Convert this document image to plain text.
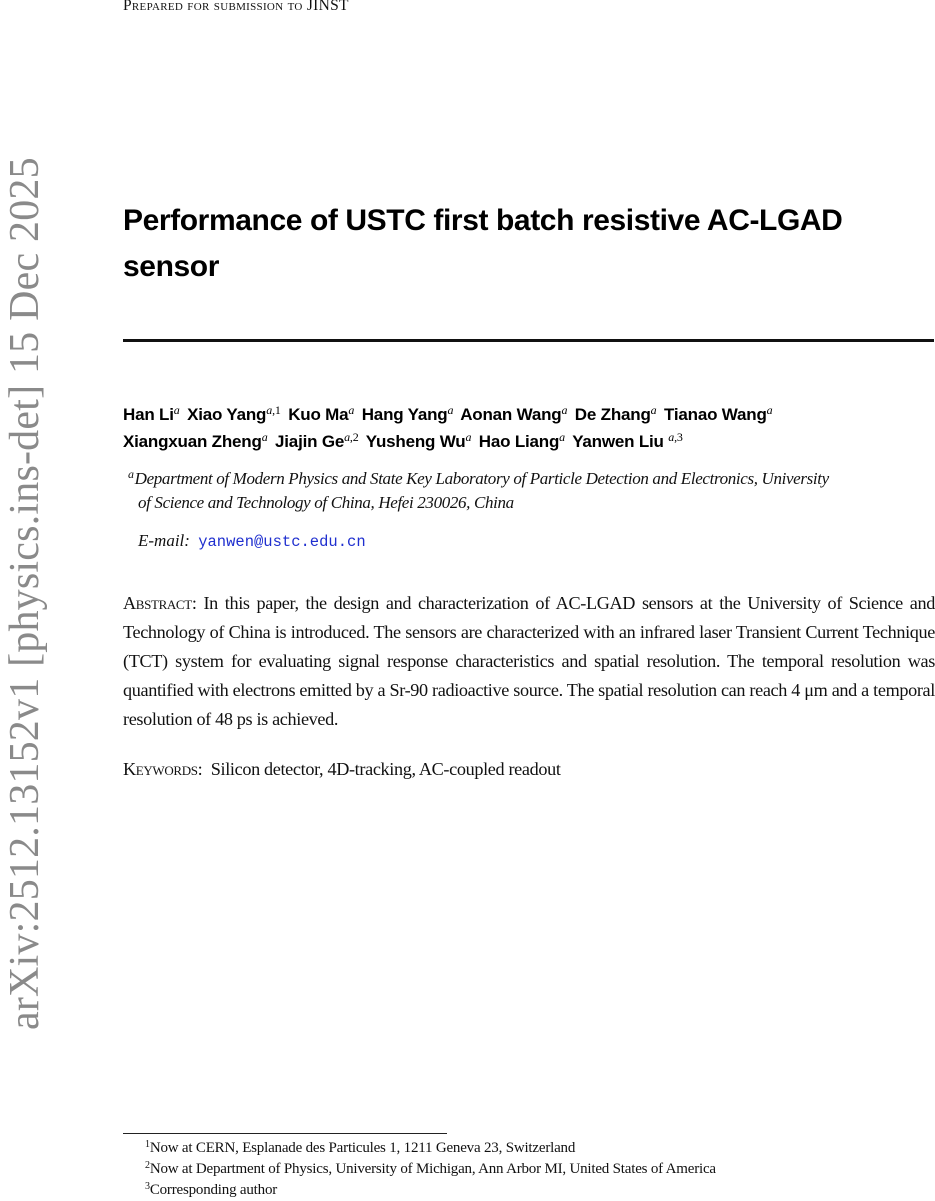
arXiv:2512.13152v1 [physics.ins-det] 15 Dec 2025
Prepared for submission to JINST
Performance of USTC first batch resistive AC-LGAD sensor
Han Li$^a$ Xiao Yang$^{a,1}$ Kuo Ma$^a$ Hang Yang$^a$ Aonan Wang$^a$ De Zhang$^a$ Tianao Wang$^a$
Xiangxuan Zheng$^a$ Jiajin Ge$^{a,2}$ Yusheng Wu$^a$ Hao Liang$^a$ Yanwen Liu $^{a,3}$
$^a$Department of Modern Physics and State Key Laboratory of Particle Detection and Electronics, University
of Science and Technology of China, Hefei 230026, China
E-mail: yanwen@ustc.edu.cn
Abstract: In this paper, the design and characterization of AC-LGAD sensors at the University of Science and Technology of China is introduced. The sensors are characterized with an infrared laser Transient Current Technique (TCT) system for evaluating signal response characteristics and spatial resolution. The temporal resolution was quantified with electrons emitted by a Sr-90 radioactive source. The spatial resolution can reach 4 μm and a temporal resolution of 48 ps is achieved.
Keywords:  Silicon detector, 4D-tracking, AC-coupled readout
$^1$Now at CERN, Esplanade des Particules 1, 1211 Geneva 23, Switzerland
$^2$Now at Department of Physics, University of Michigan, Ann Arbor MI, United States of America
$^3$Corresponding author
